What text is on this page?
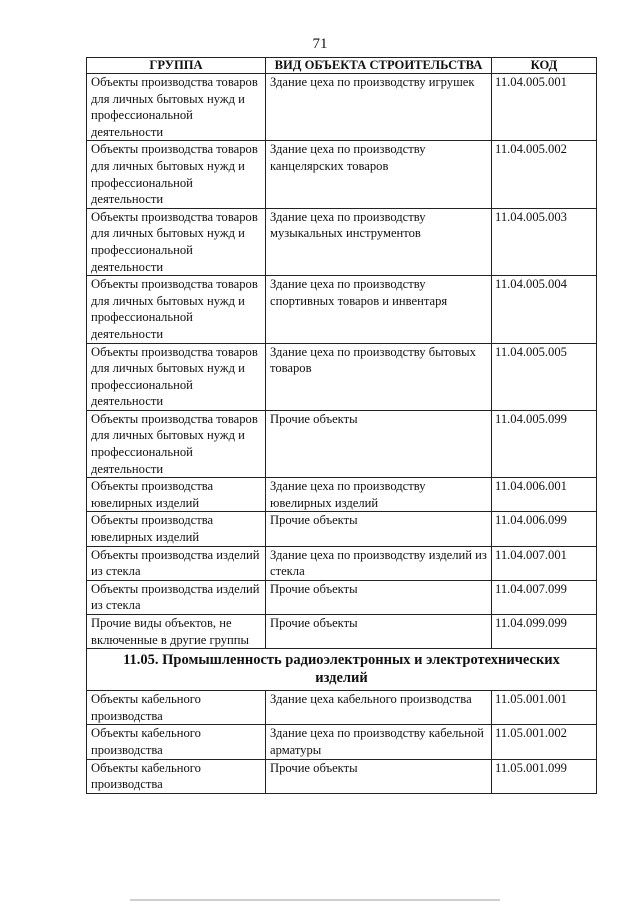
71
ГРУППА	ВИД ОБЪЕКТА СТРОИТЕЛЬСТВА	КОД
Объекты производства товаров для личных бытовых нужд и профессиональной деятельности	Здание цеха по производству игрушек	11.04.005.001
Объекты производства товаров для личных бытовых нужд и профессиональной деятельности	Здание цеха по производству канцелярских товаров	11.04.005.002
Объекты производства товаров для личных бытовых нужд и профессиональной деятельности	Здание цеха по производству музыкальных инструментов	11.04.005.003
Объекты производства товаров для личных бытовых нужд и профессиональной деятельности	Здание цеха по производству спортивных товаров и инвентаря	11.04.005.004
Объекты производства товаров для личных бытовых нужд и профессиональной деятельности	Здание цеха по производству бытовых товаров	11.04.005.005
Объекты производства товаров для личных бытовых нужд и профессиональной деятельности	Прочие объекты	11.04.005.099
Объекты производства ювелирных изделий	Здание цеха по производству ювелирных изделий	11.04.006.001
Объекты производства ювелирных изделий	Прочие объекты	11.04.006.099
Объекты производства изделий из стекла	Здание цеха по производству изделий из стекла	11.04.007.001
Объекты производства изделий из стекла	Прочие объекты	11.04.007.099
Прочие виды объектов, не включенные в другие группы	Прочие объекты	11.04.099.099
11.05. Промышленность радиоэлектронных и электротехнических изделий		
Объекты кабельного производства	Здание цеха кабельного производства	11.05.001.001
Объекты кабельного производства	Здание цеха по производству кабельной арматуры	11.05.001.002
Объекты кабельного производства	Прочие объекты	11.05.001.099
